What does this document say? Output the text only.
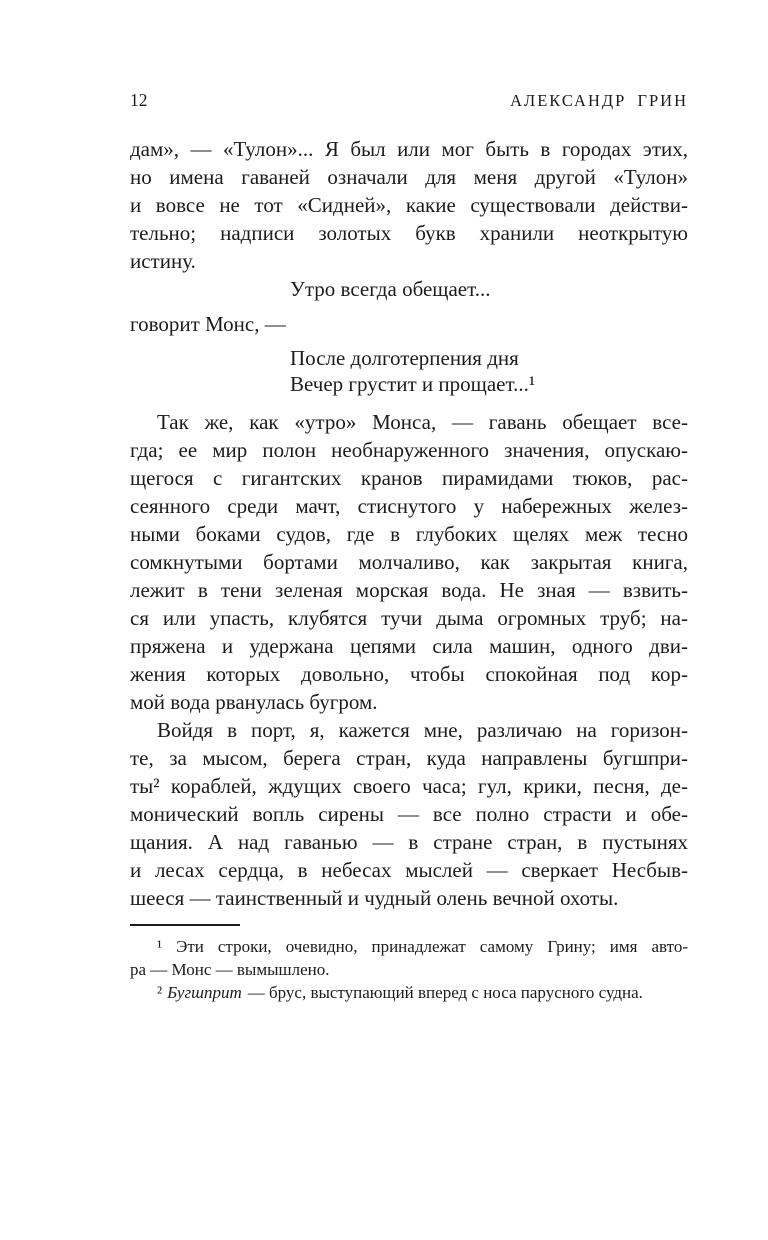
12	АЛЕКСАНДР ГРИН
дам», — «Тулон»... Я был или мог быть в городах этих,
но имена гаваней означали для меня другой «Тулон»
и вовсе не тот «Сидней», какие существовали действи-
тельно; надписи золотых букв хранили неоткрытую
истину.
Утро всегда обещает...
говорит Монс, —
После долготерпения дня
Вечер грустит и прощает...¹
Так же, как «утро» Монса, — гавань обещает все-
гда; ее мир полон необнаруженного значения, опускаю-
щегося с гигантских кранов пирамидами тюков, рас-
сеянного среди мачт, стиснутого у набережных желез-
ными боками судов, где в глубоких щелях меж тесно
сомкнутыми бортами молчаливо, как закрытая книга,
лежит в тени зеленая морская вода. Не зная — взвить-
ся или упасть, клубятся тучи дыма огромных труб; на-
пряжена и удержана цепями сила машин, одного дви-
жения которых довольно, чтобы спокойная под кор-
мой вода рванулась бугром.
Войдя в порт, я, кажется мне, различаю на горизон-
те, за мысом, берега стран, куда направлены бугшпри-
ты² кораблей, ждущих своего часа; гул, крики, песня, де-
монический вопль сирены — все полно страсти и обе-
щания. А над гаванью — в стране стран, в пустынях
и лесах сердца, в небесах мыслей — сверкает Несбыв-
шееся — таинственный и чудный олень вечной охоты.
¹ Эти строки, очевидно, принадлежат самому Грину; имя авто-
ра — Монс — вымышлено.
² Бугшприт — брус, выступающий вперед с носа парусного судна.
